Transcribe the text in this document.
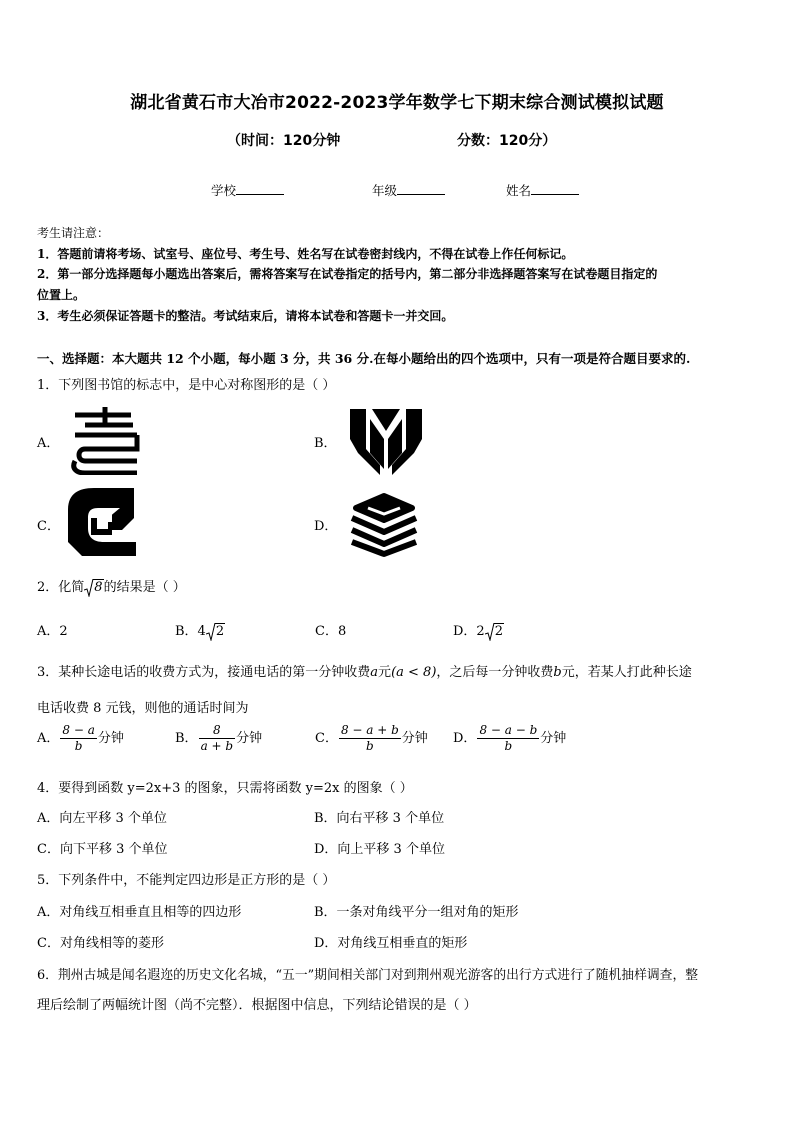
湖北省黄石市大冶市2022-2023学年数学七下期末综合测试模拟试题
（时间：120分钟	分数：120分）
学校	年级	姓名
考生请注意：
1．答题前请将考场、试室号、座位号、考生号、姓名写在试卷密封线内，不得在试卷上作任何标记。
2．第一部分选择题每小题选出答案后，需将答案写在试卷指定的括号内，第二部分非选择题答案写在试卷题目指定的
位置上。
3．考生必须保证答题卡的整洁。考试结束后，请将本试卷和答题卡一并交回。
一、选择题：本大题共 12 个小题，每小题 3 分，共 36 分.在每小题给出的四个选项中，只有一项是符合题目要求的.
1．下列图书馆的标志中，是中心对称图形的是（ ）
A．	B．
C．	D．
2．化简 8的结果是（ ）
A．2	B．4 2	C．8	D．2 2
3．某种长途电话的收费方式为，接通电话的第一分钟收费a元(a < 8)，之后每一分钟收费b元，若某人打此种长途
电话收费 8 元钱，则他的通话时间为
A． $\frac{8 - a}{b}$ 分钟	B． $\frac{8}{a + b}$ 分钟	C． $\frac{8 - a + b}{b}$ 分钟 D． $\frac{8 - a - b}{b}$ 分钟
4．要得到函数 y=2x+3 的图象，只需将函数 y=2x 的图象（ ）
A．向左平移 3 个单位	B．向右平移 3 个单位
C．向下平移 3 个单位	D．向上平移 3 个单位
5．下列条件中，不能判定四边形是正方形的是（ ）
A．对角线互相垂直且相等的四边形	B．一条对角线平分一组对角的矩形
C．对角线相等的菱形	D．对角线互相垂直的矩形
6．荆州古城是闻名遐迩的历史文化名城，“五一”期间相关部门对到荆州观光游客的出行方式进行了随机抽样调查，整
理后绘制了两幅统计图（尚不完整）．根据图中信息，下列结论错误的是（ ）
